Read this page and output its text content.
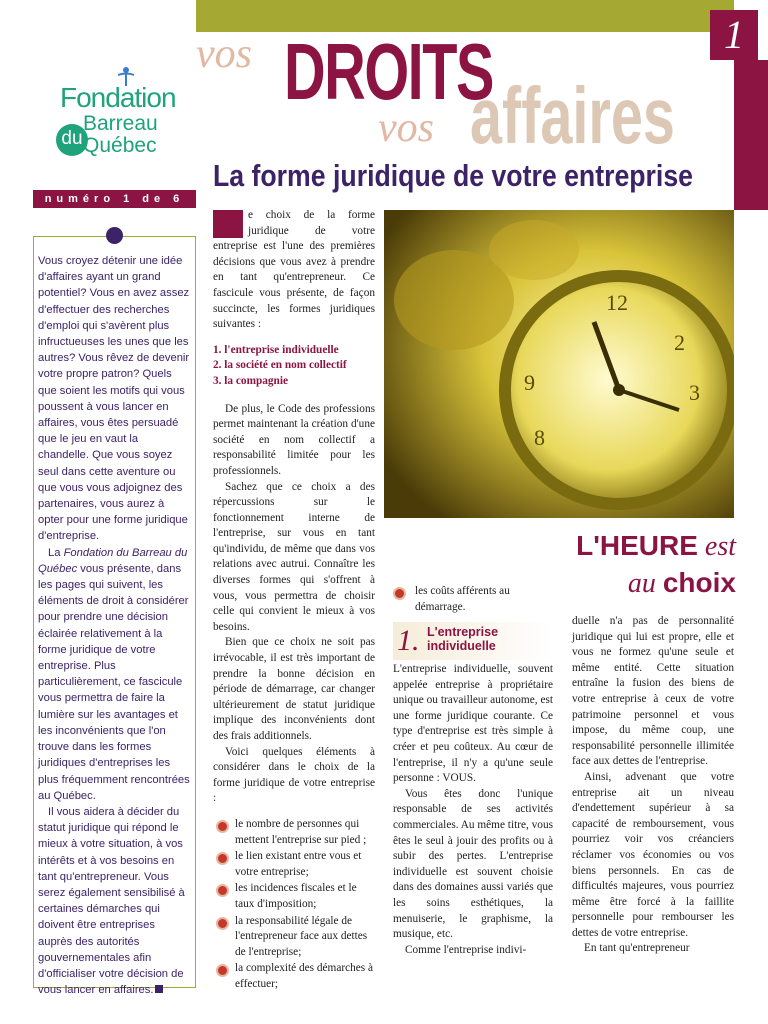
1
Fondation
du
Barreau
Québec
vos DROITS
affaires
vos
La forme juridique de votre entreprise
numéro 1 de 6

Vous croyez détenir une idée d'affaires ayant un grand potentiel? Vous en avez assez d'effectuer des recherches d'emploi qui s'avèrent plus infructueuses les unes que les autres? Vous rêvez de devenir votre propre patron? Quels que soient les motifs qui vous poussent à vous lancer en affaires, vous êtes persuadé que le jeu en vaut la chandelle. Que vous soyez seul dans cette aventure ou que vous vous adjoignez des partenaires, vous aurez à opter pour une forme juridique d'entreprise.

La Fondation du Barreau du Québec vous présente, dans les pages qui suivent, les éléments de droit à considérer pour prendre une décision éclairée relativement à la forme juridique de votre entreprise. Plus particulièrement, ce fascicule vous permettra de faire la lumière sur les avantages et les inconvénients que l'on trouve dans les formes juridiques d'entreprises les plus fréquemment rencontrées au Québec.

Il vous aidera à décider du statut juridique qui répond le mieux à votre situation, à vos intérêts et à vos besoins en tant qu'entrepreneur. Vous serez également sensibilisé à certaines démarches qui doivent être entreprises auprès des autorités gouvernementales afin d'officialiser votre décision de vous lancer en affaires.

e choix de la forme juridique de votre entreprise est l'une des premières décisions que vous avez à prendre en tant qu'entrepreneur. Ce fascicule vous présente, de façon succincte, les formes juridiques suivantes :

1. l'entreprise individuelle
2. la société en nom collectif
3. la compagnie

De plus, le Code des professions permet maintenant la création d'une société en nom collectif a responsabilité limitée pour les professionnels.

Sachez que ce choix a des répercussions sur le fonctionnement interne de l'entreprise, sur vous en tant qu'individu, de même que dans vos relations avec autrui. Connaître les diverses formes qui s'offrent à vous, vous permettra de choisir celle qui convient le mieux à vos besoins.

Bien que ce choix ne soit pas irrévocable, il est très important de prendre la bonne décision en période de démarrage, car changer ultérieurement de statut juridique implique des inconvénients dont des frais additionnels.

Voici quelques éléments à considérer dans le choix de la forme juridique de votre entreprise :

le nombre de personnes qui mettent l'entreprise sur pied ;
le lien existant entre vous et votre entreprise;
les incidences fiscales et le taux d'imposition;
la responsabilité légale de l'entrepreneur face aux dettes de l'entreprise;
la complexité des démarches à effectuer;
12
2
3
9
8
L'HEURE est
au choix
les coûts afférents au démarrage.
1. L'entreprise individuelle

L'entreprise individuelle, souvent appelée entreprise à propriétaire unique ou travailleur autonome, est une forme juridique courante. Ce type d'entreprise est très simple à créer et peu coûteux. Au cœur de l'entreprise, il n'y a qu'une seule personne : VOUS.

Vous êtes donc l'unique responsable de ses activités commerciales. Au même titre, vous êtes le seul à jouir des profits ou à subir des pertes. L'entreprise individuelle est souvent choisie dans des domaines aussi variés que les soins esthétiques, la menuiserie, le graphisme, la musique, etc.

Comme l'entreprise indivi-

duelle n'a pas de personnalité juridique qui lui est propre, elle et vous ne formez qu'une seule et même entité. Cette situation entraîne la fusion des biens de votre entreprise à ceux de votre patrimoine personnel et vous impose, du même coup, une responsabilité personnelle illimitée face aux dettes de l'entreprise.

Ainsi, advenant que votre entreprise ait un niveau d'endettement supérieur à sa capacité de remboursement, vous pourriez voir vos créanciers réclamer vos économies ou vos biens personnels. En cas de difficultés majeures, vous pourriez même être forcé à la faillite personnelle pour rembourser les dettes de votre entreprise.

En tant qu'entrepreneur
